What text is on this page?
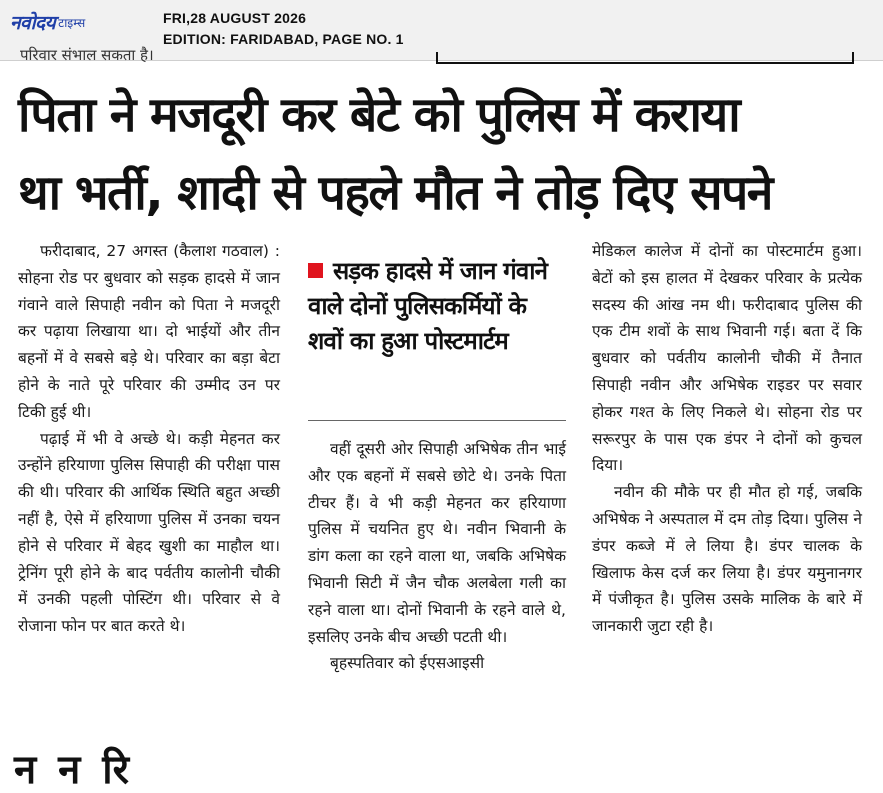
नवोदय टाइम्स	FRI,28 AUGUST 2026
EDITION: FARIDABAD, PAGE NO. 1
पिता ने मजदूरी कर बेटे को पुलिस में कराया
था भर्ती, शादी से पहले मौत ने तोड़ दिए सपने

फरीदाबाद, 27 अगस्त (कैलाश गठवाल) : सोहना रोड पर बुधवार को सड़क हादसे में जान गंवाने वाले सिपाही नवीन को पिता ने मजदूरी कर पढ़ाया लिखाया था। दो भाईयों और तीन बहनों में वे सबसे बड़े थे। परिवार का बड़ा बेटा होने के नाते पूरे परिवार की उम्मीद उन पर टिकी हुई थी।

पढ़ाई में भी वे अच्छे थे। कड़ी मेहनत कर उन्होंने हरियाणा पुलिस सिपाही की परीक्षा पास की थी। परिवार की आर्थिक स्थिति बहुत अच्छी नहीं है, ऐसे में हरियाणा पुलिस में उनका चयन होने से परिवार में बेहद खुशी का माहौल था। ट्रेनिंग पूरी होने के बाद पर्वतीय कालोनी चौकी में उनकी पहली पोस्टिंग थी। परिवार से वे रोजाना फोन पर बात करते थे।

सड़क हादसे में जान गंवाने वाले दोनों पुलिसकर्मियों के शवों का हुआ पोस्टमार्टम

वहीं दूसरी ओर सिपाही अभिषेक तीन भाई और एक बहनों में सबसे छोटे थे। उनके पिता टीचर हैं। वे भी कड़ी मेहनत कर हरियाणा पुलिस में चयनित हुए थे। नवीन भिवानी के डांग कला का रहने वाला था, जबकि अभिषेक भिवानी सिटी में जैन चौक अलबेला गली का रहने वाला था। दोनों भिवानी के रहने वाले थे, इसलिए उनके बीच अच्छी पटती थी।

बृहस्पतिवार को ईएसआइसी

मेडिकल कालेज में दोनों का पोस्टमार्टम हुआ। बेटों को इस हालत में देखकर परिवार के प्रत्येक सदस्य की आंख नम थी। फरीदाबाद पुलिस की एक टीम शवों के साथ भिवानी गई। बता दें कि बुधवार को पर्वतीय कालोनी चौकी में तैनात सिपाही नवीन और अभिषेक राइडर पर सवार होकर गश्त के लिए निकले थे। सोहना रोड पर सरूरपुर के पास एक डंपर ने दोनों को कुचल दिया।

नवीन की मौके पर ही मौत हो गई, जबकि अभिषेक ने अस्पताल में दम तोड़ दिया। पुलिस ने डंपर कब्जे में ले लिया है। डंपर चालक के खिलाफ केस दर्ज कर लिया है। डंपर यमुनानगर में पंजीकृत है। पुलिस उसके मालिक के बारे में जानकारी जुटा रही है।

न न रि
